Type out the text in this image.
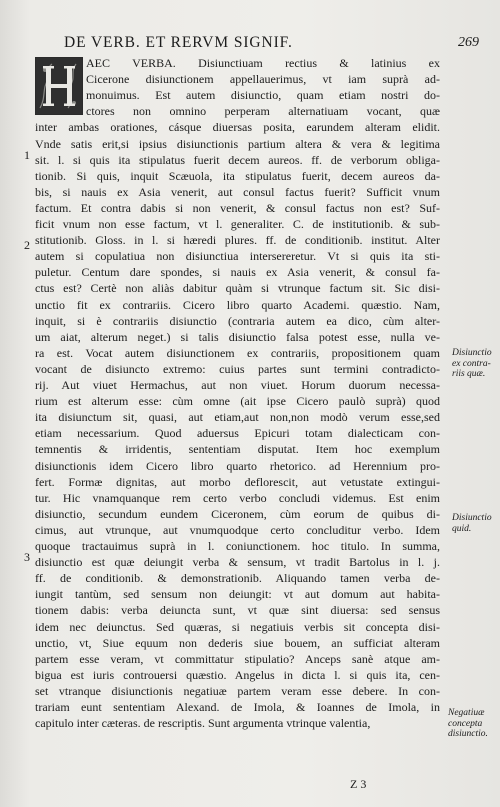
DE VERB. ET RERVM SIGNIF.	269
AEC VERBA. Disiunctiuam rectius & latinius ex
Cicerone disiunctionem appellauerimus, vt iam suprà ad-
monuimus. Est autem disiunctio, quam etiam nostri do-
ctores non omnino perperam alternatiuam vocant, quæ
inter ambas orationes, cásque diuersas posita, earundem alteram elidit.
Vnde satis erit,si ipsius disiunctionis partium altera & vera & legitima
sit. l. si quis ita stipulatus fuerit decem aureos. ff. de verborum obliga-
tionib. Si quis, inquit Scæuola, ita stipulatus fuerit, decem aureos da-
bis, si nauis ex Asia venerit, aut consul factus fuerit? Sufficit vnum
factum. Et contra dabis si non venerit, & consul factus non est? Suf-
ficit vnum non esse factum, vt l. generaliter. C. de institutionib. & sub-
stitutionib. Gloss. in l. si hæredi plures. ff. de conditionib. institut. Alter
autem si copulatiua non disiunctiua intersereretur. Vt si quis ita sti-
puletur. Centum dare spondes, si nauis ex Asia venerit, & consul fa-
ctus est? Certè non aliàs dabitur quàm si vtrunque factum sit. Sic disi-
unctio fit ex contrariis. Cicero libro quarto Academi. quæstio. Nam,
inquit, si è contrariis disiunctio (contraria autem ea dico, cùm alter-
um aiat, alterum neget.) si talis disiunctio falsa potest esse, nulla ve-
ra est. Vocat autem disiunctionem ex contrariis, propositionem quam
vocant de disiuncto extremo: cuius partes sunt termini contradicto-
rij. Aut viuet Hermachus, aut non viuet. Horum duorum necessa-
rium est alterum esse: cùm omne (ait ipse Cicero paulò suprà) quod
ita disiunctum sit, quasi, aut etiam,aut non,non modò verum esse,sed
etiam necessarium. Quod aduersus Epicuri totam dialecticam con-
temnentis & irridentis, sententiam disputat. Item hoc exemplum
disiunctionis idem Cicero libro quarto rhetorico. ad Herennium pro-
fert. Formæ dignitas, aut morbo deflorescit, aut vetustate extingui-
tur. Hic vnamquanque rem certo verbo concludi videmus. Est enim
disiunctio, secundum eundem Ciceronem, cùm eorum de quibus di-
cimus, aut vtrunque, aut vnumquodque certo concluditur verbo. Idem
quoque tractauimus suprà in l. coniunctionem. hoc titulo. In summa,
disiunctio est quæ deiungit verba & sensum, vt tradit Bartolus in l. j.
ff. de conditionib. & demonstrationib. Aliquando tamen verba de-
iungit tantùm, sed sensum non deiungit: vt aut domum aut habita-
tionem dabis: verba deiuncta sunt, vt quæ sint diuersa: sed sensus
idem nec deiunctus. Sed quæras, si negatiuis verbis sit concepta disi-
unctio, vt, Siue equum non dederis siue bouem, an sufficiat alteram
partem esse veram, vt committatur stipulatio? Anceps sanè atque am-
bigua est iuris controuersi quæstio. Angelus in dicta l. si quis ita, cen-
set vtranque disiunctionis negatiuæ partem veram esse debere. In con-
trariam eunt sententiam Alexand. de Imola, & Ioannes de Imola, in
capitulo inter cæteras. de rescriptis. Sunt argumenta vtrinque valentia,
1
2
3
Disiunctio
ex contra-
riis quæ.
Disiunctio
quid.
Negatiuæ
concepta
disiunctio.
Z 3
